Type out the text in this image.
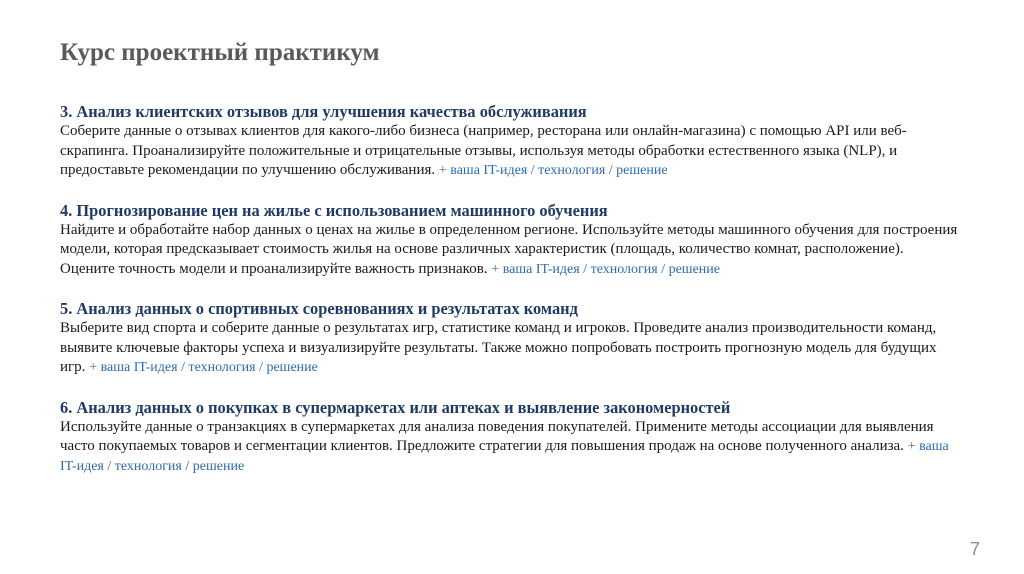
Курс проектный практикум

3. Анализ клиентских отзывов для улучшения качества обслуживания

Соберите данные о отзывах клиентов для какого-либо бизнеса (например, ресторана или онлайн-магазина) с помощью API или веб-скрапинга. Проанализируйте положительные и отрицательные отзывы, используя методы обработки естественного языка (NLP), и предоставьте рекомендации по улучшению обслуживания. + ваша IT-идея / технология / решение

4. Прогнозирование цен на жилье с использованием машинного обучения

Найдите и обработайте набор данных о ценах на жилье в определенном регионе. Используйте методы машинного обучения для построения модели, которая предсказывает стоимость жилья на основе различных характеристик (площадь, количество комнат, расположение). Оцените точность модели и проанализируйте важность признаков. + ваша IT-идея / технология / решение

5. Анализ данных о спортивных соревнованиях и результатах команд

Выберите вид спорта и соберите данные о результатах игр, статистике команд и игроков. Проведите анализ производительности команд, выявите ключевые факторы успеха и визуализируйте результаты. Также можно попробовать построить прогнозную модель для будущих игр. + ваша IT-идея / технология / решение

6. Анализ данных о покупках в супермаркетах или аптеках и выявление закономерностей

Используйте данные о транзакциях в супермаркетах для анализа поведения покупателей. Примените методы ассоциации для выявления часто покупаемых товаров и сегментации клиентов. Предложите стратегии для повышения продаж на основе полученного анализа. + ваша IT-идея / технология / решение

7
